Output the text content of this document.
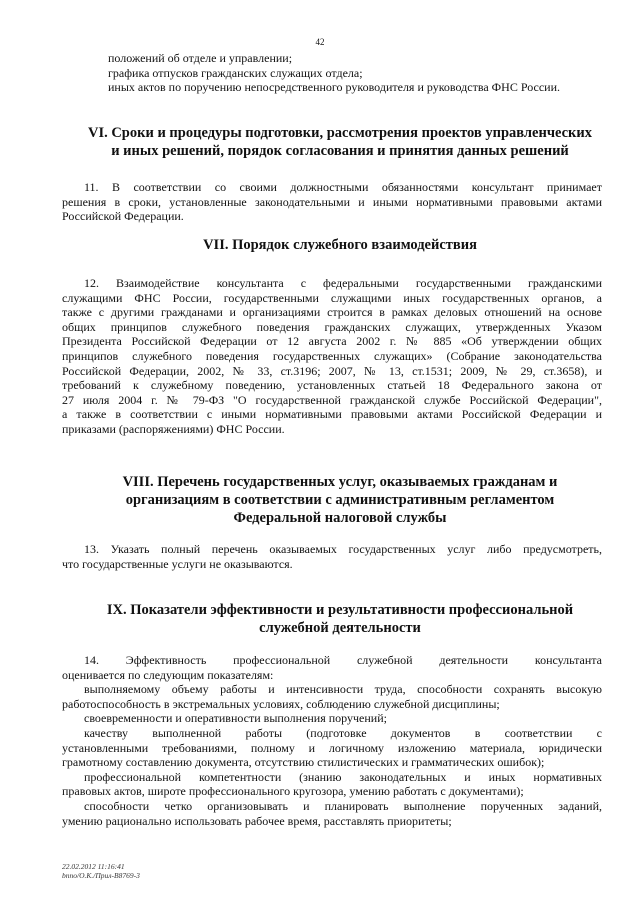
42
положений об отделе и управлении;
графика отпусков гражданских служащих отдела;
иных актов по поручению непосредственного руководителя и руководства ФНС России.
VI. Сроки и процедуры подготовки, рассмотрения проектов управленческих
и иных решений, порядок согласования и принятия данных решений
11. В соответствии со своими должностными обязанностями консультант принимает
решения в сроки, установленные законодательными и иными нормативными правовыми актами
Российской Федерации.
VII. Порядок служебного взаимодействия
12. Взаимодействие консультанта с федеральными государственными гражданскими
служащими ФНС России, государственными служащими иных государственных органов, а
также с другими гражданами и организациями строится в рамках деловых отношений на основе
общих принципов служебного поведения гражданских служащих, утвержденных Указом
Президента Российской Федерации от 12 августа 2002 г. № 885 «Об утверждении общих
принципов служебного поведения государственных служащих» (Собрание законодательства
Российской Федерации, 2002, № 33, ст.3196; 2007, № 13, ст.1531; 2009, № 29, ст.3658), и
требований к служебному поведению, установленных статьей 18 Федерального закона от
27 июля 2004 г. № 79-ФЗ "О государственной гражданской службе Российской Федерации",
а также в соответствии с иными нормативными правовыми актами Российской Федерации и
приказами (распоряжениями) ФНС России.
VIII. Перечень государственных услуг, оказываемых гражданам и
организациям в соответствии с административным регламентом
Федеральной налоговой службы
13. Указать полный перечень оказываемых государственных услуг либо предусмотреть,
что государственные услуги не оказываются.
IX. Показатели эффективности и результативности профессиональной
служебной деятельности
14. Эффективность профессиональной служебной деятельности консультанта
оценивается по следующим показателям:
выполняемому объему работы и интенсивности труда, способности сохранять высокую
работоспособность в экстремальных условиях, соблюдению служебной дисциплины;
своевременности и оперативности выполнения поручений;
качеству выполненной работы (подготовке документов в соответствии с
установленными требованиями, полному и логичному изложению материала, юридически
грамотному составлению документа, отсутствию стилистических и грамматических ошибок);
профессиональной компетентности (знанию законодательных и иных нормативных
правовых актов, широте профессионального кругозора, умению работать с документами);
способности четко организовывать и планировать выполнение порученных заданий,
умению рационально использовать рабочее время, расставлять приоритеты;
22.02.2012 11:16:41
bnno/О.К./Прил-В8769-3
